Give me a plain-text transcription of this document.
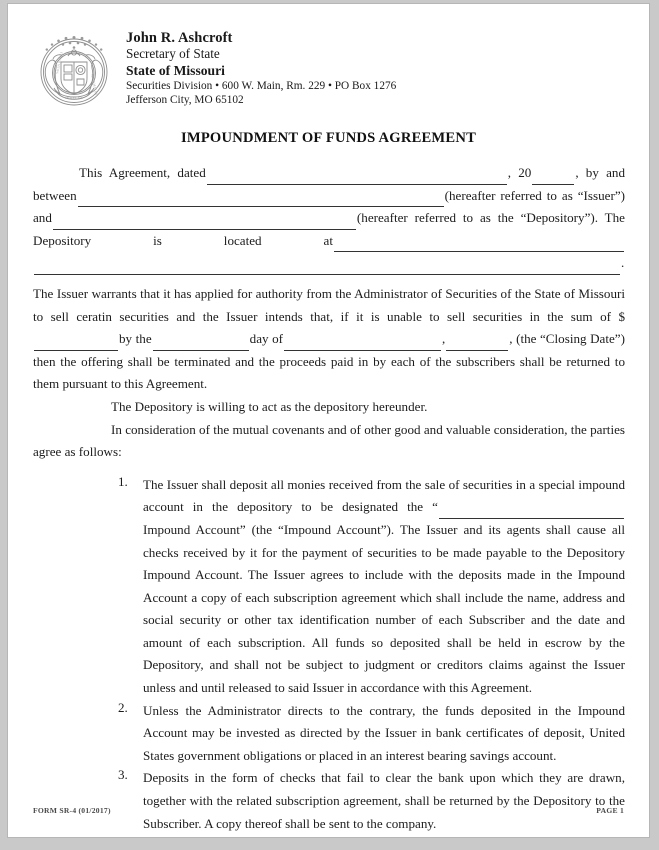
MDCCCXX
SALUS POPULI
SUPREMA LEX
John R. Ashcroft
Secretary of State
State of Missouri
Securities Division • 600 W. Main, Rm. 229 • PO Box 1276
Jefferson City, MO 65102
IMPOUNDMENT OF FUNDS AGREEMENT

This Agreement, dated	, 20	, by and between	(hereafter referred to as “Issuer”) and	(hereafter referred to as the “Depository”). The Depository is located at.

The Issuer warrants that it has applied for authority from the Administrator of Securities of the State of Missouri to sell ceratin securities and the Issuer intends that, if it is unable to sell securities in the sum of $by the	day of	,	, (the “Closing Date”) then the offering shall be terminated and the proceeds paid in by each of the subscribers shall be returned to them pursuant to this Agreement.

The Depository is willing to act as the depository hereunder.

In consideration of the mutual covenants and of other good and valuable consideration, the parties agree as follows:

1.	The Issuer shall deposit all monies received from the sale of securities in a special impound account in the depository to be designated the “Impound Account” (the “Impound Account”). The Issuer and its agents shall cause all checks received by it for the payment of securities to be made payable to the Depository Impound Account. The Issuer agrees to include with the deposits made in the Impound Account a copy of each subscription agreement which shall include the name, address and social security or other tax identification number of each Subscriber and the date and amount of each subscription. All funds so deposited shall be held in escrow by the Depository, and shall not be subject to judgment or creditors claims against the Issuer unless and until released to said Issuer in accordance with this Agreement.
2.	Unless the Administrator directs to the contrary, the funds deposited in the Impound Account may be invested as directed by the Issuer in bank certificates of deposit, United States government obligations or placed in an interest bearing savings account.
3.	Deposits in the form of checks that fail to clear the bank upon which they are drawn, together with the related subscription agreement, shall be returned by the Depository to the Subscriber. A copy thereof shall be sent to the company.
FORM SR-4 (01/2017)	PAGE 1
